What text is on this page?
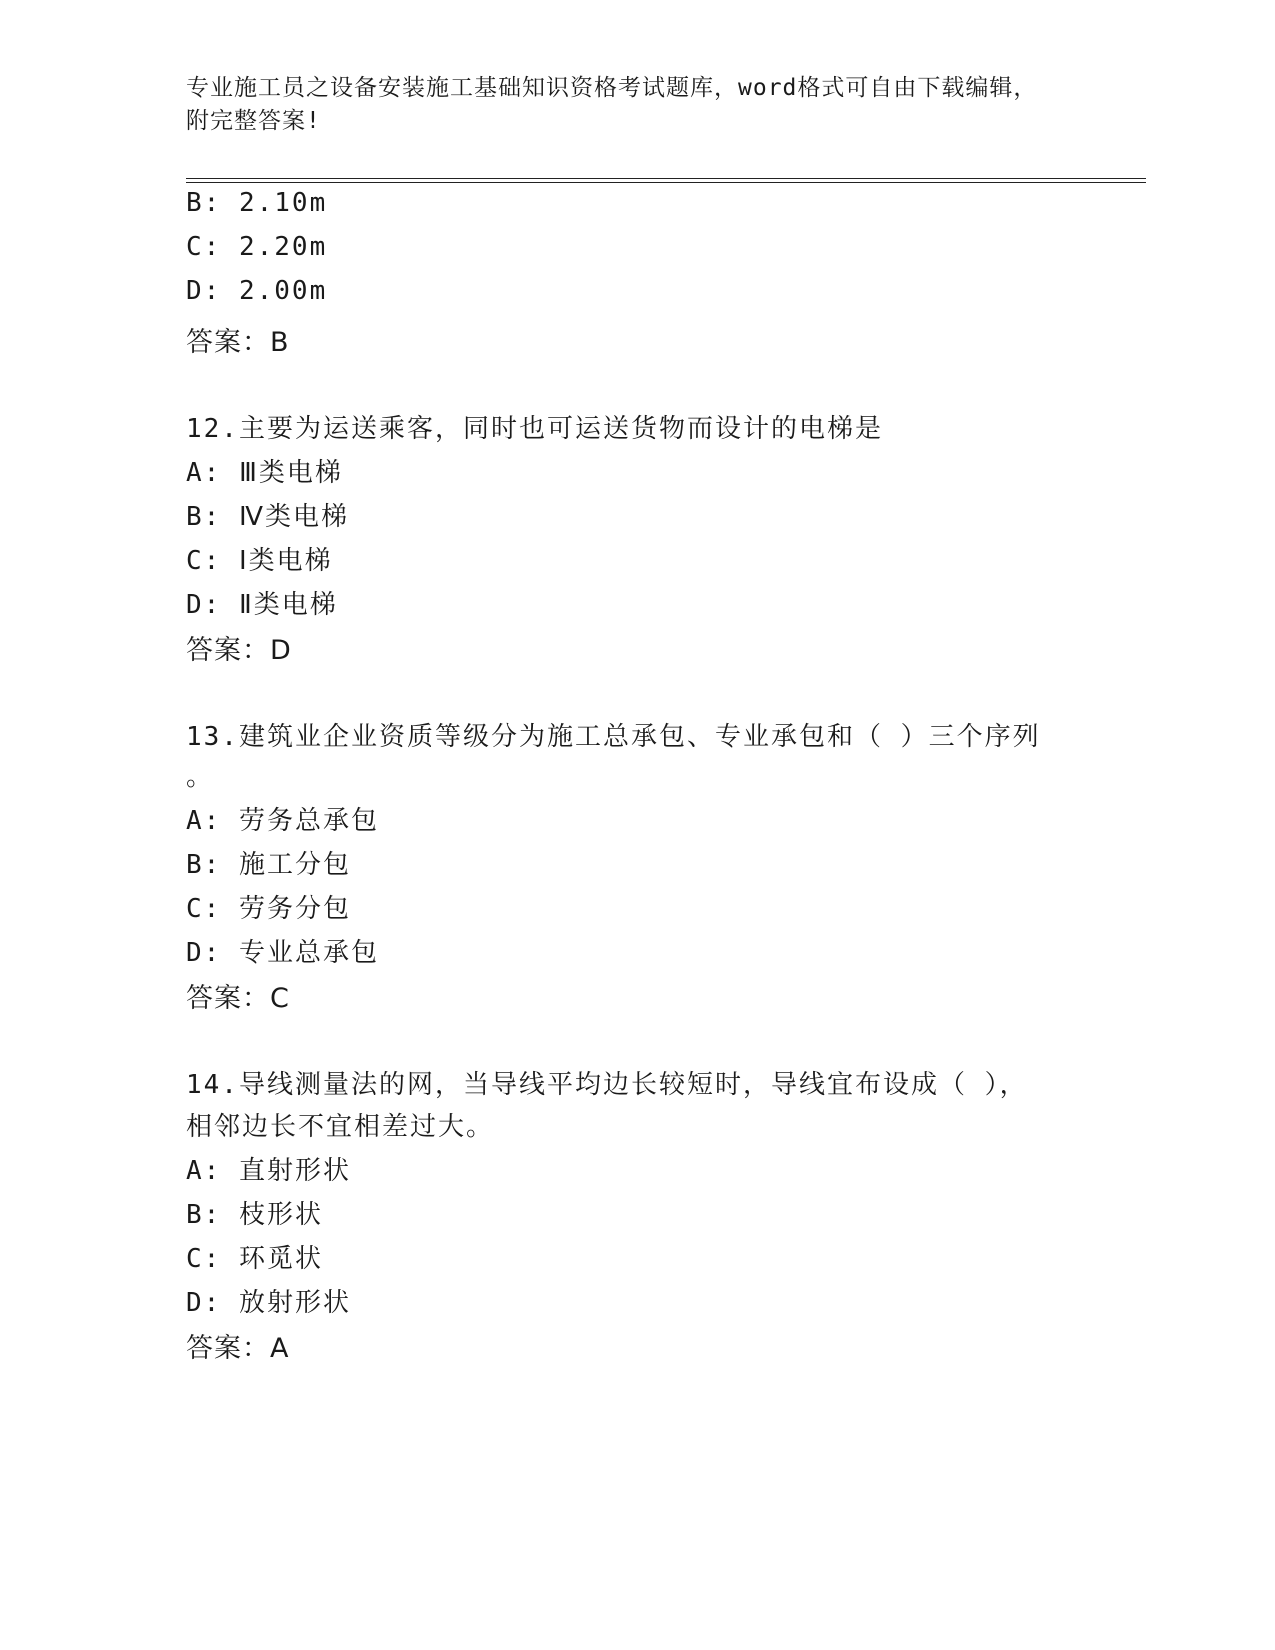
专业施工员之设备安装施工基础知识资格考试题库，word格式可自由下载编辑，
附完整答案!
B: 2.10m
C: 2.20m
D: 2.00m
答案：B
12.主要为运送乘客，同时也可运送货物而设计的电梯是
A: Ⅲ类电梯
B: Ⅳ类电梯
C: Ⅰ类电梯
D: Ⅱ类电梯
答案：D
13.建筑业企业资质等级分为施工总承包、专业承包和（ ）三个序列
。
A: 劳务总承包
B: 施工分包
C: 劳务分包
D: 专业总承包
答案：C
14.导线测量法的网，当导线平均边长较短时，导线宜布设成（ ），
相邻边长不宜相差过大。
A: 直射形状
B: 枝形状
C: 环觅状
D: 放射形状
答案：A
